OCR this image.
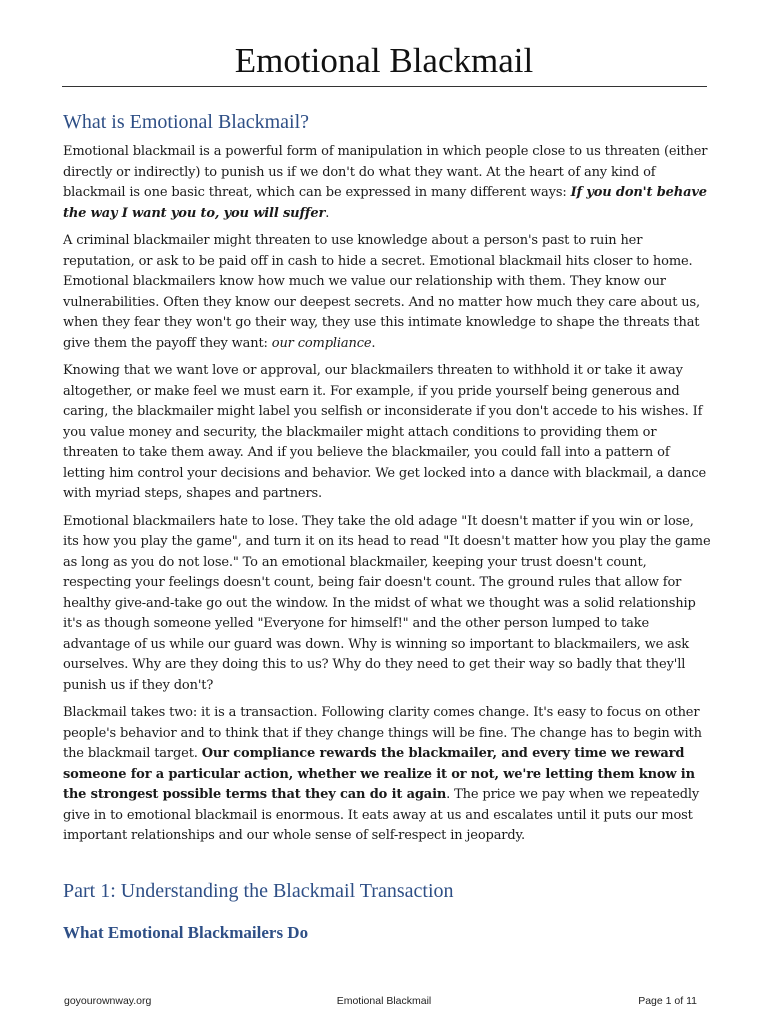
Emotional Blackmail
What is Emotional Blackmail?

Emotional blackmail is a powerful form of manipulation in which people close to us threaten (either directly or indirectly) to punish us if we don't do what they want. At the heart of any kind of blackmail is one basic threat, which can be expressed in many different ways: If you don't behave the way I want you to, you will suffer.

A criminal blackmailer might threaten to use knowledge about a person's past to ruin her reputation, or ask to be paid off in cash to hide a secret. Emotional blackmail hits closer to home. Emotional blackmailers know how much we value our relationship with them. They know our vulnerabilities. Often they know our deepest secrets. And no matter how much they care about us, when they fear they won't go their way, they use this intimate knowledge to shape the threats that give them the payoff they want: our compliance.

Knowing that we want love or approval, our blackmailers threaten to withhold it or take it away altogether, or make feel we must earn it. For example, if you pride yourself being generous and caring, the blackmailer might label you selfish or inconsiderate if you don't accede to his wishes. If you value money and security, the blackmailer might attach conditions to providing them or threaten to take them away. And if you believe the blackmailer, you could fall into a pattern of letting him control your decisions and behavior. We get locked into a dance with blackmail, a dance with myriad steps, shapes and partners.

Emotional blackmailers hate to lose. They take the old adage "It doesn't matter if you win or lose, its how you play the game", and turn it on its head to read "It doesn't matter how you play the game as long as you do not lose." To an emotional blackmailer, keeping your trust doesn't count, respecting your feelings doesn't count, being fair doesn't count. The ground rules that allow for healthy give-and-take go out the window. In the midst of what we thought was a solid relationship it's as though someone yelled "Everyone for himself!" and the other person lumped to take advantage of us while our guard was down. Why is winning so important to blackmailers, we ask ourselves. Why are they doing this to us? Why do they need to get their way so badly that they'll punish us if they don't?

Blackmail takes two: it is a transaction. Following clarity comes change. It's easy to focus on other people's behavior and to think that if they change things will be fine. The change has to begin with the blackmail target. Our compliance rewards the blackmailer, and every time we reward someone for a particular action, whether we realize it or not, we're letting them know in the strongest possible terms that they can do it again. The price we pay when we repeatedly give in to emotional blackmail is enormous. It eats away at us and escalates until it puts our most important relationships and our whole sense of self-respect in jeopardy.

Part 1: Understanding the Blackmail Transaction
What Emotional Blackmailers Do
goyourownway.org	Emotional Blackmail	Page 1 of 11
